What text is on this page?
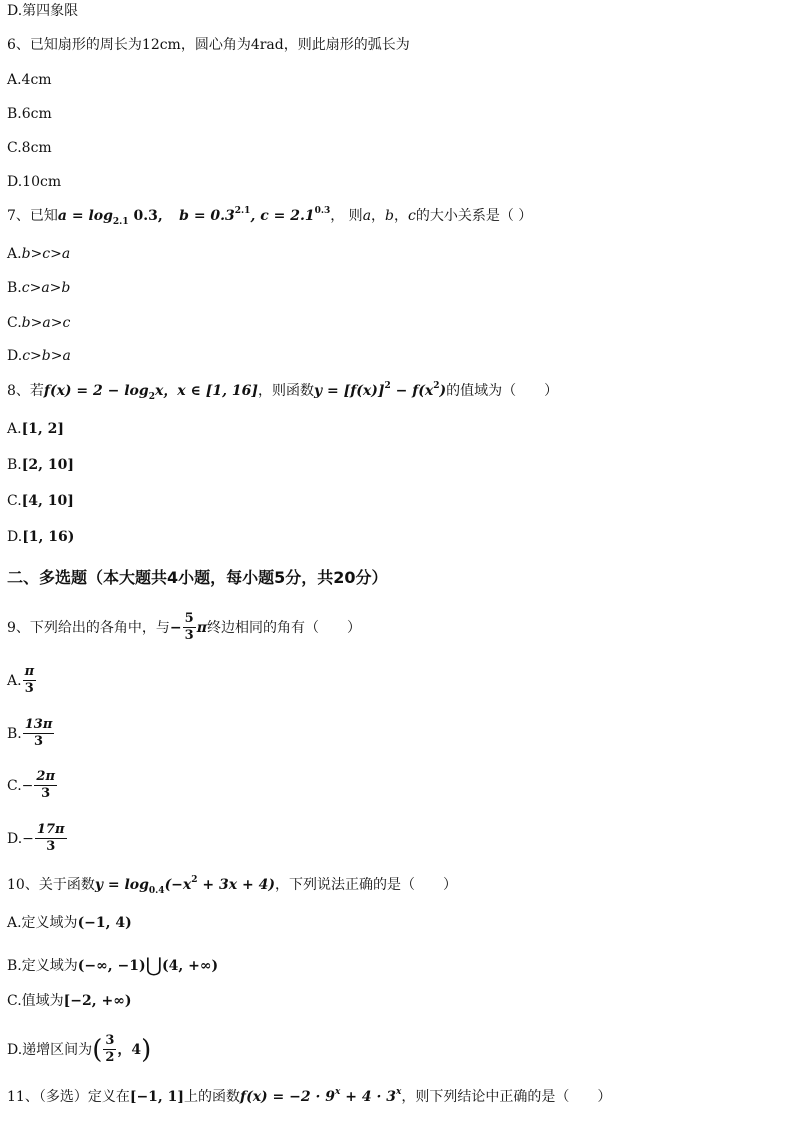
D.第四象限
6、已知扇形的周长为12cm，圆心角为4rad，则此扇形的弧长为
A.4cm
B.6cm
C.8cm
D.10cm
7、已知$a = \log_{2.1} 0.3$, $b = 0.3^{2.1}$, $c = 2.1^{0.3}$， 则a，b，c的大小关系是（ ）
A.b>c>a
B.c>a>b
C.b>a>c
D.c>b>a
8、若$f(x) = 2 - \log_2x$，x ∈ [1, 16]，则函数$y = [f(x)]^2 - f(x^2)$的值域为（　　）
A.[1, 2]
B.[2, 10]
C.[4, 10]
D.[1, 16)
二、多选题（本大题共4小题，每小题5分，共20分）
9、下列给出的各角中，与− $\frac{5}{3}$ π终边相同的角有（　　）
A. $\frac{\pi}{3}$
B. $\frac{13\pi}{3}$
$C.- \frac{2\pi}{3}$
$D.- \frac{17\pi}{3}$
10、关于函数$y = \log_{0.4}(-x^2 + 3x + 4)$，下列说法正确的是（　　）
A.定义域为(−1, 4)
B.定义域为(−∞, −1)⋃(4, +∞)
C.值域为[−2, +∞)
D.递增区间为( $\frac{3}{2}$ ，4)
11、（多选）定义在[−1, 1]上的函数$f(x) = -2 \cdot 9^x + 4 \cdot 3^x$，则下列结论中正确的是（　　）
